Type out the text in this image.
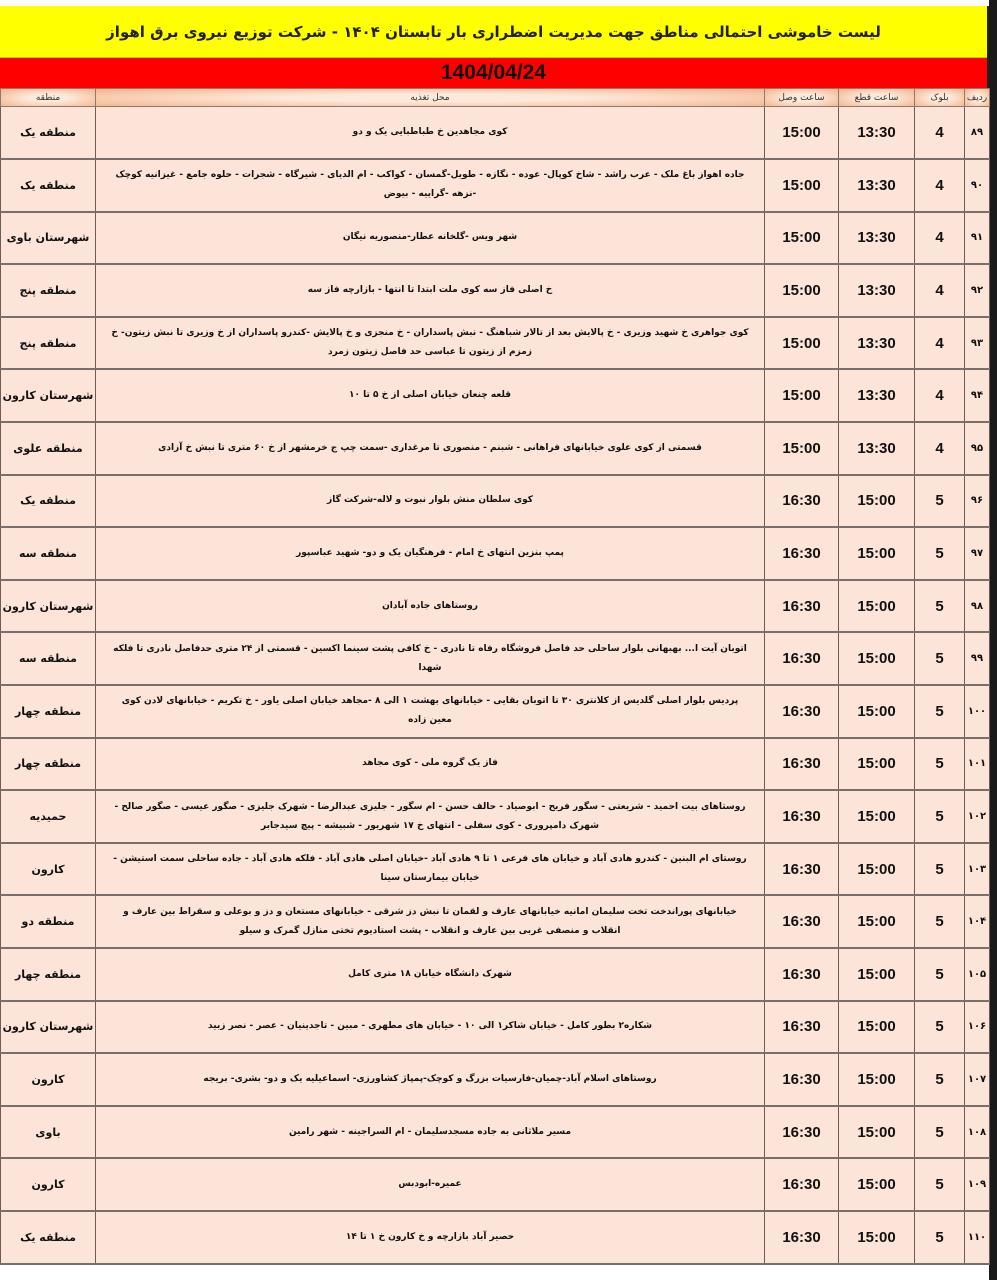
لیست خاموشی احتمالی مناطق جهت مدیریت اضطراری بار تابستان ۱۴۰۴ - شرکت توزیع نیروی برق اهواز
1404/04/24
ردیف	بلوک	ساعت قطع	ساعت وصل	محل تغذیه	منطقه
۸۹	4	13:30	15:00	کوی مجاهدین خ طباطبایی یک و دو	منطقه یک
۹۰	4	13:30	15:00	جاده اهواز باغ ملک - عرب راشد - شاخ کوپال- عوده - نگازه - طویل-گمسان - کواکب - ام الدیای - شیرگاه - شجرات - حلوه جامع - غیزانیه کوچک -نزهه -گراییه - بیوض	منطقه یک
۹۱	4	13:30	15:00	شهر ویس -گلخانه عطار-منصوریه نیگان	شهرستان باوی
۹۲	4	13:30	15:00	خ اصلی فاز سه کوی ملت ابتدا تا انتها - بازارچه فاز سه	منطقه پنج
۹۳	4	13:30	15:00	کوی جواهری خ شهید وزیری - خ پالایش بعد از تالار شباهنگ - نبش پاسداران - خ منجزی و خ پالایش -کندرو پاسداران از خ وزیری تا نبش زیتون- خ زمزم از زیتون تا عباسی حد فاصل زیتون زمرد	منطقه پنج
۹۴	4	13:30	15:00	قلعه چنعان خیابان اصلی از خ ۵ تا ۱۰	شهرستان کارون
۹۵	4	13:30	15:00	قسمتی از کوی علوی خیابانهای فراهانی - شبنم - منصوری تا مرغداری -سمت چپ ج خرمشهر از خ ۶۰ متری تا نبش خ آزادی	منطقه علوی
۹۶	5	15:00	16:30	کوی سلطان منش بلوار نبوت و لاله-شرکت گاز	منطقه یک
۹۷	5	15:00	16:30	پمپ بنزین انتهای خ امام - فرهنگیان یک و دو- شهید عباسپور	منطقه سه
۹۸	5	15:00	16:30	روستاهای جاده آبادان	شهرستان کارون
۹۹	5	15:00	16:30	اتوبان آیت ا... بهبهانی بلوار ساحلی حد فاصل فروشگاه رفاه تا نادری - خ کافی پشت سینما اکسین - قسمتی از ۲۴ متری حدفاصل نادری تا فلکه شهدا	منطقه سه
۱۰۰	5	15:00	16:30	پردیس بلوار اصلی گلدیس از کلانتری ۳۰ تا اتوبان بقایی - خیابانهای بهشت ۱ الی ۸ -مجاهد خیابان اصلی یاور - خ تکریم - خیابانهای لادن کوی معین زاده	منطقه چهار
۱۰۱	5	15:00	16:30	فاز یک گروه ملی - کوی مجاهد	منطقه چهار
۱۰۲	5	15:00	16:30	روستاهای بیت احمید - شریعتی - سگور فریح - ابوصیاد - حالف حسن - ام سگور - جلیزی عبدالرضا - شهرک جلیزی - صگور عیسی - صگور صالح - شهرک دامپروری - کوی سفلی - انتهای خ ۱۷ شهریور - شبیشه - پیچ سیدجابر	حمیدیه
۱۰۳	5	15:00	16:30	روستای ام البنین - کندرو هادی آباد و خیابان های فرعی ۱ تا ۹ هادی آباد -خیابان اصلی هادی آباد - فلکه هادی آباد - جاده ساحلی سمت استیشن - خیابان بیمارستان سینا	کارون
۱۰۴	5	15:00	16:30	خیابانهای پوراندخت تخت سلیمان امانیه خیابانهای عارف و لقمان تا نبش دز شرقی - خیابانهای مستعان و دز و بوعلی و سقراط بین عارف و انقلاب و منصفی غربی بین عارف و انقلاب - پشت استادیوم تختی منازل گمرک و سیلو	منطقه دو
۱۰۵	5	15:00	16:30	شهرک دانشگاه خیابان ۱۸ متری کامل	منطقه چهار
۱۰۶	5	15:00	16:30	شکاره۲ بطور کامل - خیابان شاکر۱ الی ۱۰ - خیابان های مطهری - مبین - تاجدینیان - عصر - نصر زبید	شهرستان کارون
۱۰۷	5	15:00	16:30	روستاهای اسلام آباد-چمیان-فارسیات بزرگ و کوچک-پمپاژ کشاورزی- اسماعیلیه یک و دو- بشری- بریجه	کارون
۱۰۸	5	15:00	16:30	مسیر ملاثانی به جاده مسجدسلیمان - ام السراجینه - شهر رامین	باوی
۱۰۹	5	15:00	16:30	عمیره-ابودبس	کارون
۱۱۰	5	15:00	16:30	حصیر آباد بازارچه و خ کارون خ ۱ تا ۱۴	منطقه یک
